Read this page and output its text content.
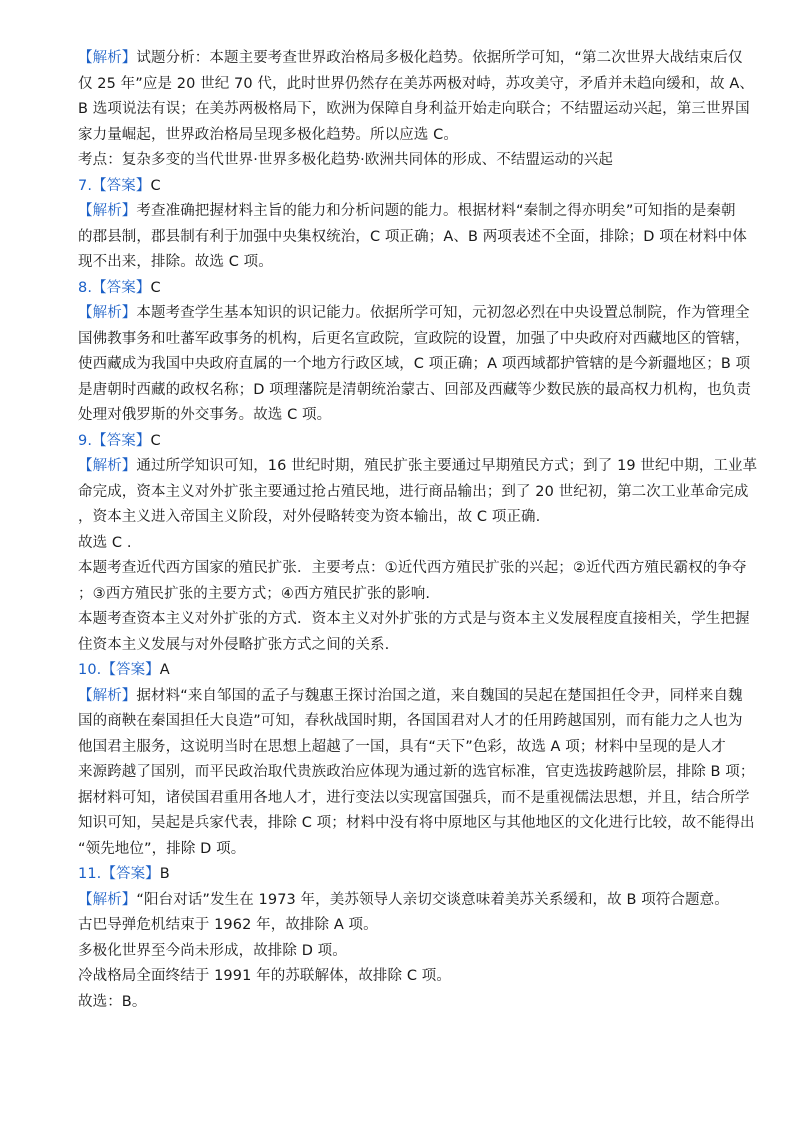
【解析】试题分析：本题主要考查世界政治格局多极化趋势。依据所学可知，“第二次世界大战结束后仅
仅 25 年”应是 20 世纪 70 代，此时世界仍然存在美苏两极对峙，苏攻美守，矛盾并未趋向缓和，故 A、
B 选项说法有误；在美苏两极格局下，欧洲为保障自身利益开始走向联合；不结盟运动兴起，第三世界国
家力量崛起，世界政治格局呈现多极化趋势。所以应选 C。
考点：复杂多变的当代世界·世界多极化趋势·欧洲共同体的形成、不结盟运动的兴起
7.【答案】C
【解析】考查准确把握材料主旨的能力和分析问题的能力。根据材料“秦制之得亦明矣”可知指的是秦朝
的郡县制，郡县制有利于加强中央集权统治，C 项正确；A、B 两项表述不全面，排除；D 项在材料中体
现不出来，排除。故选 C 项。
8.【答案】C
【解析】本题考查学生基本知识的识记能力。依据所学可知，元初忽必烈在中央设置总制院，作为管理全
国佛教事务和吐蕃军政事务的机构，后更名宣政院，宣政院的设置，加强了中央政府对西藏地区的管辖，
使西藏成为我国中央政府直属的一个地方行政区域，C 项正确；A 项西域都护管辖的是今新疆地区；B 项
是唐朝时西藏的政权名称；D 项理藩院是清朝统治蒙古、回部及西藏等少数民族的最高权力机构，也负责
处理对俄罗斯的外交事务。故选 C 项。
9.【答案】C
【解析】通过所学知识可知，16 世纪时期，殖民扩张主要通过早期殖民方式；到了 19 世纪中期，工业革
命完成，资本主义对外扩张主要通过抢占殖民地，进行商品输出；到了 20 世纪初，第二次工业革命完成
，资本主义进入帝国主义阶段，对外侵略转变为资本输出，故 C 项正确.
故选 C .
本题考查近代西方国家的殖民扩张．主要考点：①近代西方殖民扩张的兴起；②近代西方殖民霸权的争夺
；③西方殖民扩张的主要方式；④西方殖民扩张的影响.
本题考查资本主义对外扩张的方式．资本主义对外扩张的方式是与资本主义发展程度直接相关，学生把握
住资本主义发展与对外侵略扩张方式之间的关系.
10.【答案】A
【解析】据材料“来自邹国的孟子与魏惠王探讨治国之道，来自魏国的吴起在楚国担任令尹，同样来自魏
国的商鞅在秦国担任大良造”可知，春秋战国时期，各国国君对人才的任用跨越国别，而有能力之人也为
他国君主服务，这说明当时在思想上超越了一国，具有“天下”色彩，故选 A 项；材料中呈现的是人才
来源跨越了国别，而平民政治取代贵族政治应体现为通过新的选官标准，官吏选拔跨越阶层，排除 B 项；
据材料可知，诸侯国君重用各地人才，进行变法以实现富国强兵，而不是重视儒法思想，并且，结合所学
知识可知，吴起是兵家代表，排除 C 项；材料中没有将中原地区与其他地区的文化进行比较，故不能得出
“领先地位”，排除 D 项。
11.【答案】B
【解析】“阳台对话”发生在 1973 年，美苏领导人亲切交谈意味着美苏关系缓和，故 B 项符合题意。
古巴导弹危机结束于 1962 年，故排除 A 项。
多极化世界至今尚未形成，故排除 D 项。
冷战格局全面终结于 1991 年的苏联解体，故排除 C 项。
故选：B。
